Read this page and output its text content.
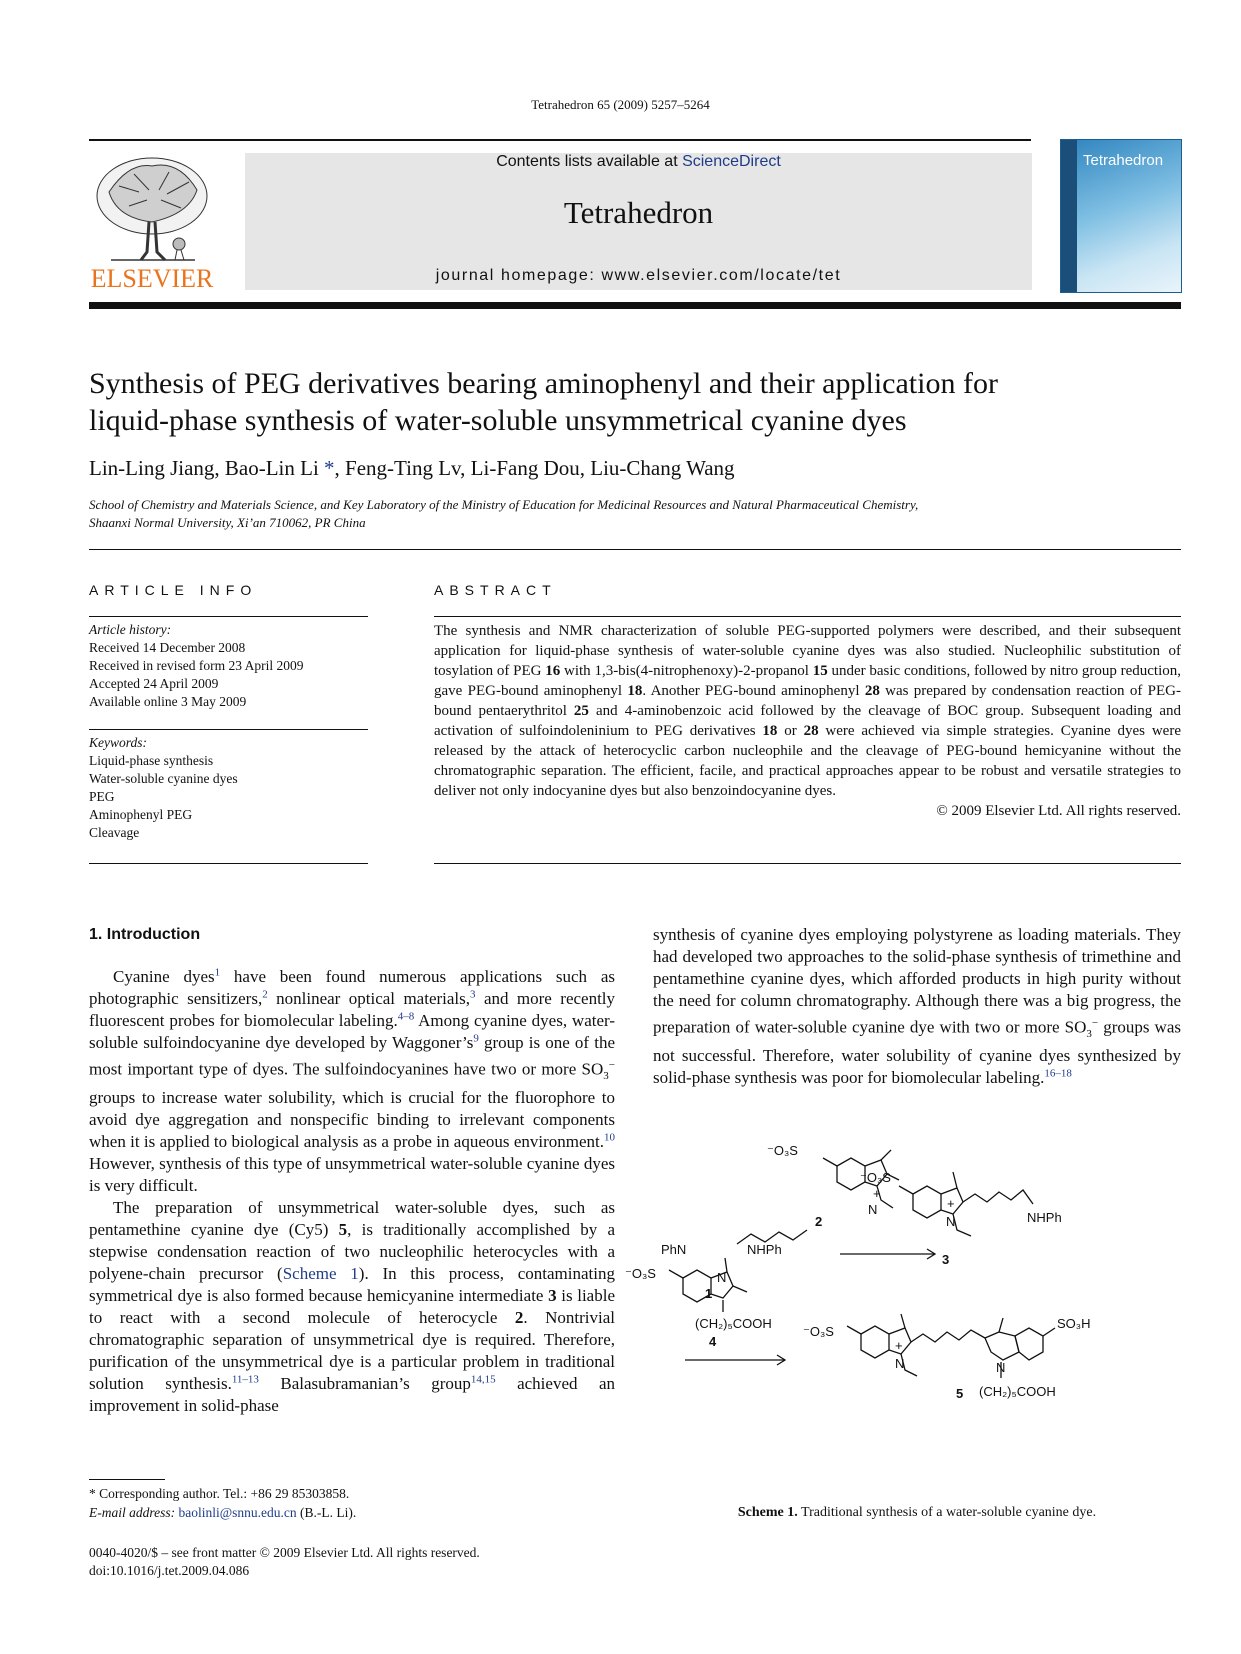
Tetrahedron 65 (2009) 5257–5264
ELSEVIER
Contents lists available at ScienceDirect
Tetrahedron
journal homepage: www.elsevier.com/locate/tet
Tetrahedron
Synthesis of PEG derivatives bearing aminophenyl and their application for
liquid-phase synthesis of water-soluble unsymmetrical cyanine dyes
Lin-Ling Jiang, Bao-Lin Li *, Feng-Ting Lv, Li-Fang Dou, Liu-Chang Wang
School of Chemistry and Materials Science, and Key Laboratory of the Ministry of Education for Medicinal Resources and Natural Pharmaceutical Chemistry,
Shaanxi Normal University, Xi’an 710062, PR China
ARTICLE INFO
Article history:
Received 14 December 2008
Received in revised form 23 April 2009
Accepted 24 April 2009
Available online 3 May 2009
Keywords:
Liquid-phase synthesis
Water-soluble cyanine dyes
PEG
Aminophenyl PEG
Cleavage
ABSTRACT
The synthesis and NMR characterization of soluble PEG-supported polymers were described, and their subsequent application for liquid-phase synthesis of water-soluble cyanine dyes was also studied. Nucleophilic substitution of tosylation of PEG 16 with 1,3-bis(4-nitrophenoxy)-2-propanol 15 under basic conditions, followed by nitro group reduction, gave PEG-bound aminophenyl 18. Another PEG-bound aminophenyl 28 was prepared by condensation reaction of PEG-bound pentaerythritol 25 and 4-aminobenzoic acid followed by the cleavage of BOC group. Subsequent loading and activation of sulfoindoleninium to PEG derivatives 18 or 28 were achieved via simple strategies. Cyanine dyes were released by the attack of heterocyclic carbon nucleophile and the cleavage of PEG-bound hemicyanine without the chromatographic separation. The efficient, facile, and practical approaches appear to be robust and versatile strategies to deliver not only indocyanine dyes but also benzoindocyanine dyes.
© 2009 Elsevier Ltd. All rights reserved.
1. Introduction

Cyanine dyes$^1$ have been found numerous applications such as photographic sensitizers,$^2$ nonlinear optical materials,$^3$ and more recently fluorescent probes for biomolecular labeling.$^{4-8}$ Among cyanine dyes, water-soluble sulfoindocyanine dye developed by Waggoner’s$^9$ group is one of the most important type of dyes. The sulfoindocyanines have two or more $SO_3^-$ groups to increase water solubility, which is crucial for the fluorophore to avoid dye aggregation and nonspecific binding to irrelevant components when it is applied to biological analysis as a probe in aqueous environment.$^{10}$ However, synthesis of this type of unsymmetrical water-soluble cyanine dyes is very difficult.

The preparation of unsymmetrical water-soluble dyes, such as pentamethine cyanine dye (Cy5) 5, is traditionally accomplished by a stepwise condensation reaction of two nucleophilic heterocycles with a polyene-chain precursor (Scheme 1). In this process, contaminating symmetrical dye is also formed because hemicyanine intermediate 3 is liable to react with a second molecule of heterocycle 2. Nontrivial chromatographic separation of unsymmetrical dye is required. Therefore, purification of the unsymmetrical dye is a particular problem in traditional solution synthesis.$^{11-13}$ Balasubramanian’s group$^{14,15}$ achieved an improvement in solid-phase

synthesis of cyanine dyes employing polystyrene as loading materials. They had developed two approaches to the solid-phase synthesis of trimethine and pentamethine cyanine dyes, which afforded products in high purity without the need for column chromatography. Although there was a big progress, the preparation of water-soluble cyanine dye with two or more $SO_3^-$ groups was not successful. Therefore, water solubility of cyanine dyes synthesized by solid-phase synthesis was poor for biomolecular labeling.$^{16-18}$

⁻O₃S
N
+
2
PhN	NHPh
1
⁻O₃S
N
+
NHPh
3
⁻O₃S	N
(CH₂)₅COOH
4
⁻O₃S
N
+
N
SO₃H
(CH₂)₅COOH
5
Scheme 1. Traditional synthesis of a water-soluble cyanine dye.
* Corresponding author. Tel.: +86 29 85303858.
E-mail address: baolinli@snnu.edu.cn (B.-L. Li).
0040-4020/$ – see front matter © 2009 Elsevier Ltd. All rights reserved.
doi:10.1016/j.tet.2009.04.086
